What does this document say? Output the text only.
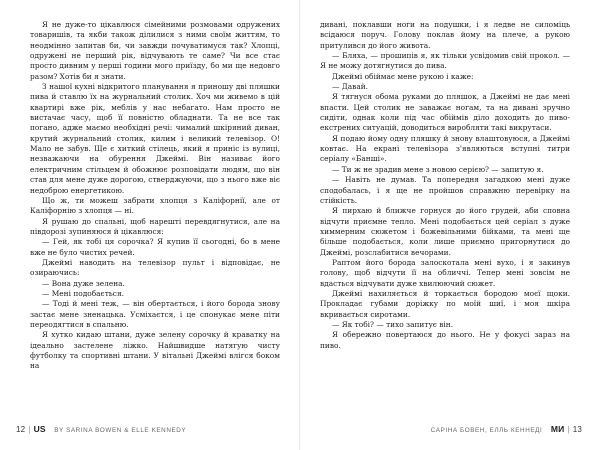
Я не дуже-то цікавлюся сімейними розмовами одружених товаришів, та якби також ділилися з ними своїм життям, то неодмінно запитав би, чи завжди почуватимуся так? Хлопці, одружені не перший рік, відчувають те саме? Чи все стає просто дивним у перші години мого приїзду, бо ми ще недовго разом? Хотів би я знати.

З нашої кухні відкритого планування я приношу дві пляшки пива й ставлю їх на журнальний столик. Хоч ми живемо в цій квартирі вже рік, меблів у нас небагато. Нам просто не вистачає часу, щоб її повністю обладнати. Та не все так погано, адже маємо необхідні речі: чималий шкіряний диван, крутий журнальний столик, килим і великий телевізор. О! Мало не забув. Ще є хиткий стілець, який я приніс із вулиці, незважаючи на обурення Джеймі. Він називає його електричним стільцем й обожнює розповідати людям, що він став для мене дуже дорогою, стверджуючи, що з нього вже віє недоброю енергетикою.

Що ж, ти можеш забрати хлопця з Каліфорнії, але от Каліфорнію з хлопця — ні.

Я рушаю до спальні, щоб нарешті перевдягнутися, але на півдорозі зупиняюся й цікавлюся:

— Гей, як тобі ця сорочка? Я купив її сьогодні, бо в мене вже не було чистих речей.

Джеймі наводить на телевізор пульт і відповідає, не озираючись:

— Вона дуже зелена.

— Мені подобається.

— Тоді й мені теж, — він обертається, і його борода знову застає мене зненацька. Усміхаєтся, і це спонукає мене піти переодягтися в спальню.

Я хутко кидаю штани, дуже зелену сорочку й краватку на ідеально застелене ліжко. Найшвидше натягую чисту футболку та спортивні штани. У вітальні Джеймі влігся боком на

12 | US BY SARINA BOWEN & ELLE KENNEDY

дивані, поклавши ноги на подушки, і я ледве не силоміць всідаюся поруч. Голову поклав йому на плече, а рукою притулився до його живота.

— Бляха, — прошипів я, як тільки усвідомив свій прокол. — Я не можу дотягнутися до пива.

Джеймі обіймає мене рукою і каже:

— Давай.

Я тягнуся обома руками до пляшок, а Джеймі не дає мені впасти. Цей столик не заважає ногам, та на дивані зручно сидіти, однак коли під час обіймів діло доходить до пиво-екстрених ситуацій, доводиться виробляти такі викрутаси.

Я подаю йому одну пляшку й знову влаштовуюся, а Джеймі ковтає. На екрані телевізора з'являються вступні титри серіалу «Банші».

— Ти ж не зрадив мене з новою серією? — запитую я.

— Навіть не думав. Та попередня загадкою мені дуже сподобалась, і я ще не пройшов справжню перевірку на стійкість.

Я пирхаю й ближче горнуся до його грудей, аби сповна відчути приємне тепло. Мені подобається цей серіал з дуже химмерним сюжетом і божевільними бійками, та мені ще більше подобається, коли лише приємно пригорнутися до Джеймі, розслабитися вечорами.

Раптом його борода залоскотала мені вухо, і я закинув голову, щоб відчути її на обличчі. Тепер мені зовсім не вдасться відчувати дуже хвилюючий сюжет.

Джеймі нахиляється й торкається бородою моєї щоки. Прокладає губами доріжку по моїй шиї, і моя шкіра вкривається сиротами.

— Як тобі? — тихо запитує він.

Я обережно повертаюся до нього. Не у фокусі зараз на пиво.

САРІНА БОВЕН, ЕЛЛЬ КЕННЕДІ МИ | 13
